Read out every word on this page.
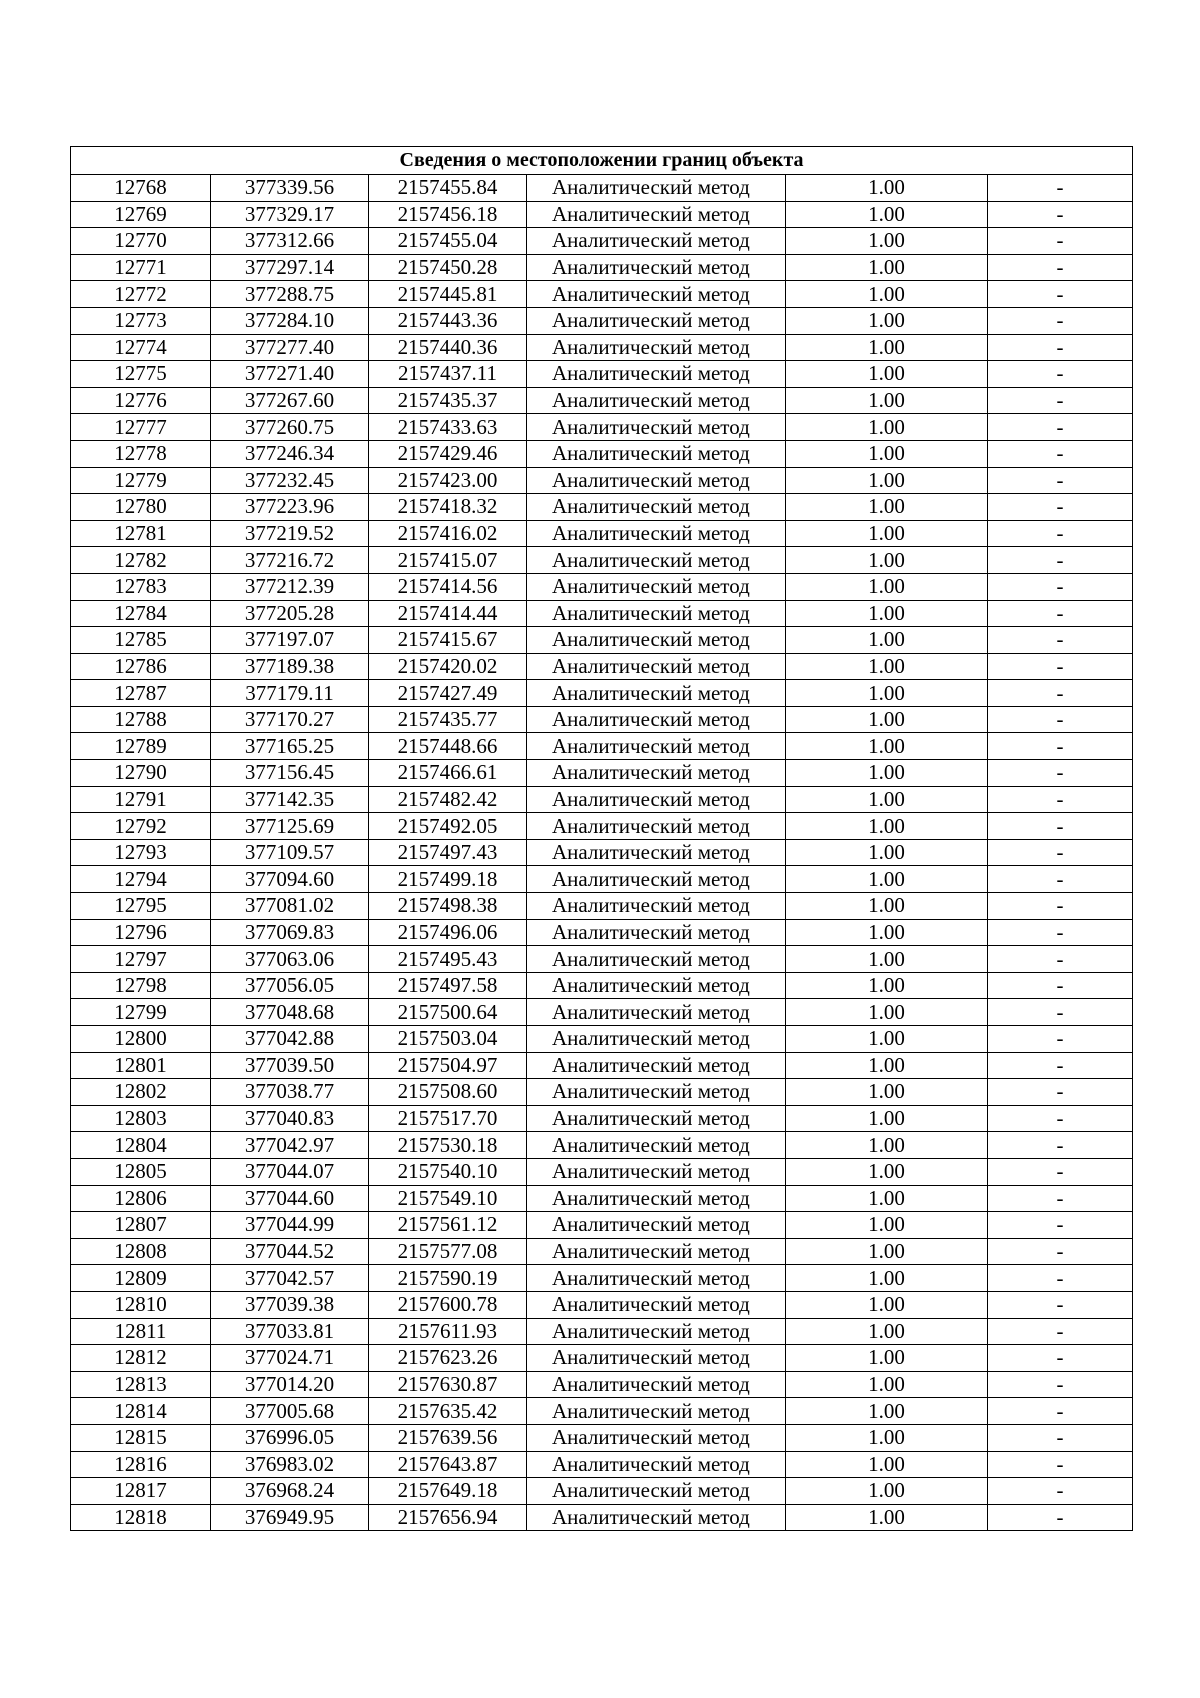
Сведения о местоположении границ объекта					
12768	377339.56	2157455.84	Аналитический метод	1.00	-
12769	377329.17	2157456.18	Аналитический метод	1.00	-
12770	377312.66	2157455.04	Аналитический метод	1.00	-
12771	377297.14	2157450.28	Аналитический метод	1.00	-
12772	377288.75	2157445.81	Аналитический метод	1.00	-
12773	377284.10	2157443.36	Аналитический метод	1.00	-
12774	377277.40	2157440.36	Аналитический метод	1.00	-
12775	377271.40	2157437.11	Аналитический метод	1.00	-
12776	377267.60	2157435.37	Аналитический метод	1.00	-
12777	377260.75	2157433.63	Аналитический метод	1.00	-
12778	377246.34	2157429.46	Аналитический метод	1.00	-
12779	377232.45	2157423.00	Аналитический метод	1.00	-
12780	377223.96	2157418.32	Аналитический метод	1.00	-
12781	377219.52	2157416.02	Аналитический метод	1.00	-
12782	377216.72	2157415.07	Аналитический метод	1.00	-
12783	377212.39	2157414.56	Аналитический метод	1.00	-
12784	377205.28	2157414.44	Аналитический метод	1.00	-
12785	377197.07	2157415.67	Аналитический метод	1.00	-
12786	377189.38	2157420.02	Аналитический метод	1.00	-
12787	377179.11	2157427.49	Аналитический метод	1.00	-
12788	377170.27	2157435.77	Аналитический метод	1.00	-
12789	377165.25	2157448.66	Аналитический метод	1.00	-
12790	377156.45	2157466.61	Аналитический метод	1.00	-
12791	377142.35	2157482.42	Аналитический метод	1.00	-
12792	377125.69	2157492.05	Аналитический метод	1.00	-
12793	377109.57	2157497.43	Аналитический метод	1.00	-
12794	377094.60	2157499.18	Аналитический метод	1.00	-
12795	377081.02	2157498.38	Аналитический метод	1.00	-
12796	377069.83	2157496.06	Аналитический метод	1.00	-
12797	377063.06	2157495.43	Аналитический метод	1.00	-
12798	377056.05	2157497.58	Аналитический метод	1.00	-
12799	377048.68	2157500.64	Аналитический метод	1.00	-
12800	377042.88	2157503.04	Аналитический метод	1.00	-
12801	377039.50	2157504.97	Аналитический метод	1.00	-
12802	377038.77	2157508.60	Аналитический метод	1.00	-
12803	377040.83	2157517.70	Аналитический метод	1.00	-
12804	377042.97	2157530.18	Аналитический метод	1.00	-
12805	377044.07	2157540.10	Аналитический метод	1.00	-
12806	377044.60	2157549.10	Аналитический метод	1.00	-
12807	377044.99	2157561.12	Аналитический метод	1.00	-
12808	377044.52	2157577.08	Аналитический метод	1.00	-
12809	377042.57	2157590.19	Аналитический метод	1.00	-
12810	377039.38	2157600.78	Аналитический метод	1.00	-
12811	377033.81	2157611.93	Аналитический метод	1.00	-
12812	377024.71	2157623.26	Аналитический метод	1.00	-
12813	377014.20	2157630.87	Аналитический метод	1.00	-
12814	377005.68	2157635.42	Аналитический метод	1.00	-
12815	376996.05	2157639.56	Аналитический метод	1.00	-
12816	376983.02	2157643.87	Аналитический метод	1.00	-
12817	376968.24	2157649.18	Аналитический метод	1.00	-
12818	376949.95	2157656.94	Аналитический метод	1.00	-
